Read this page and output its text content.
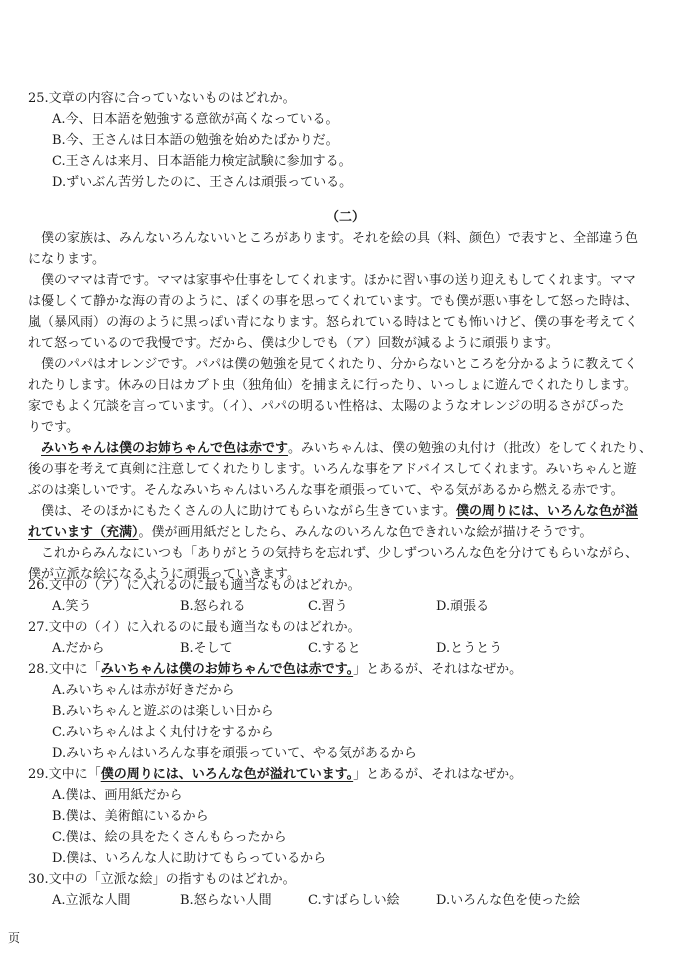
25.文章の内容に合っていないものはどれか。
A.今、日本語を勉強する意欲が高くなっている。
B.今、王さんは日本語の勉強を始めたばかりだ。
C.王さんは来月、日本語能力検定試験に参加する。
D.ずいぶん苦労したのに、王さんは頑張っている。
（二）
僕の家族は、みんないろんないいところがあります。それを絵の具（料、颜色）で表すと、全部違う色
になります。
僕のママは青です。ママは家事や仕事をしてくれます。ほかに習い事の送り迎えもしてくれます。ママ
は優しくて静かな海の青のように、ぼくの事を思ってくれています。でも僕が悪い事をして怒った時は、
嵐（暴风雨）の海のように黒っぽい青になります。怒られている時はとても怖いけど、僕の事を考えてく
れて怒っているので我慢です。だから、僕は少しでも（ア）回数が減るように頑張ります。
僕のパパはオレンジです。パパは僕の勉強を見てくれたり、分からないところを分かるように教えてく
れたりします。休みの日はカブト虫（独角仙）を捕まえに行ったり、いっしょに遊んでくれたりします。
家でもよく冗談を言っています。（イ）、パパの明るい性格は、太陽のようなオレンジの明るさがぴった
りです。
みいちゃんは僕のお姉ちゃんで色は赤です。みいちゃんは、僕の勉強の丸付け（批改）をしてくれたり、
後の事を考えて真剣に注意してくれたりします。いろんな事をアドバイスしてくれます。みいちゃんと遊
ぶのは楽しいです。そんなみいちゃんはいろんな事を頑張っていて、やる気があるから燃える赤です。
僕は、そのほかにもたくさんの人に助けてもらいながら生きています。僕の周りには、いろんな色が溢
れています（充满）。僕が画用紙だとしたら、みんなのいろんな色できれいな絵が描けそうです。
これからみんなにいつも「ありがとうの気持ちを忘れず、少しずついろんな色を分けてもらいながら、
僕が立派な絵になるように頑張っていきます。
26.文中の（ア）に入れるのに最も適当なものはどれか。
A.笑う	B.怒られる	C.習う	D.頑張る
27.文中の（イ）に入れるのに最も適当なものはどれか。
A.だから	B.そして	C.すると	D.とうとう
28.文中に「みいちゃんは僕のお姉ちゃんで色は赤です。」とあるが、それはなぜか。
A.みいちゃんは赤が好きだから
B.みいちゃんと遊ぶのは楽しい日から
C.みいちゃんはよく丸付けをするから
D.みいちゃんはいろんな事を頑張っていて、やる気があるから
29.文中に「僕の周りには、いろんな色が溢れています。」とあるが、それはなぜか。
A.僕は、画用紙だから
B.僕は、美術館にいるから
C.僕は、絵の具をたくさんもらったから
D.僕は、いろんな人に助けてもらっているから
30.文中の「立派な絵」の指すものはどれか。
A.立派な人間	B.怒らない人間	C.すばらしい絵	D.いろんな色を使った絵
页
